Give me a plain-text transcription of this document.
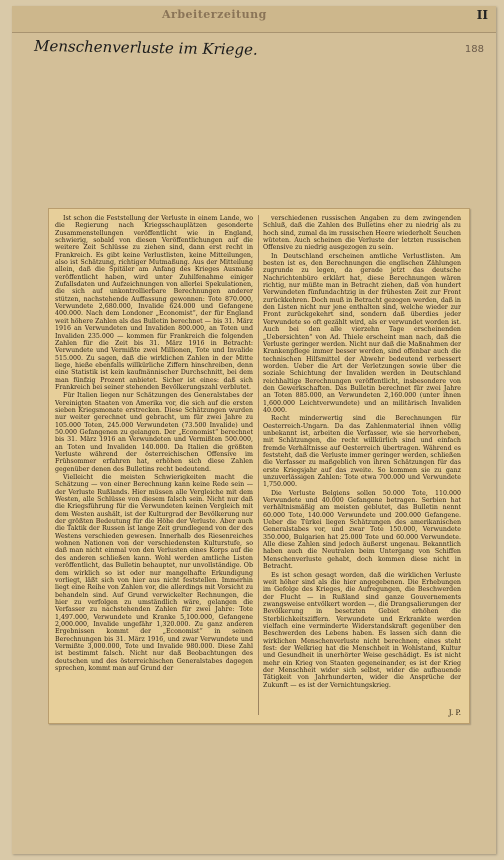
Arbeiterzeitung	II
188
Menschenverluste im Kriege.

Ist schon die Feststellung der Verluste in einem Lande, wo die Regierung nach Kriegsschauplätzen gesonderte Zusammenstellungen veröffentlicht wie in England, schwierig, sobald von diesen Veröffentlichungen auf die weitere Zeit Schlüsse zu ziehen sind, dann erst recht in Frankreich. Es gibt keine Verlustlisten, keine Mitteilungen, also ist Schätzung, richtiger Mutmaßung. Aus der Mitteilung allein, daß die Spitäler am Anfang des Krieges Ausmaße veröffentlicht haben, wird unter Zuhilfenahme einiger Zufallsdaten und Aufzeichnungen von allerlei Spekulationen, die sich auf unkontrollierbare Berechnungen anderer stützen, nachstehende Auffassung gewonnen: Tote 870.000, Verwundete 2,680.000, Invalide 624.000 und Gefangene 400.000. Nach dem Londoner „Economist“, der für England weit höhere Zahlen als das Bulletin berechnet — bis 31. März 1916 an Verwundeten und Invaliden 800.000, an Toten und Invaliden 235.000 — kommen für Frankreich die folgenden Zahlen für die Zeit bis 31. März 1916 in Betracht: Verwundete und Vermißte zwei Millionen, Tote und Invalide 515.000. Zu sagen, daß die wirklichen Zahlen in der Mitte liege, hieße ebenfalls willkürliche Ziffern hinschreiben, denn eine Statistik ist kein kaufmännischer Durchschnitt, bei dem man fünfzig Prozent anbietet. Sicher ist eines: daß sich Frankreich bei seiner stehenden Bevölkerungszahl verblutet.

Für Italien liegen nur Schätzungen des Generalstabes der Vereinigten Staaten von Amerika vor, die sich auf die ersten sieben Kriegsmonate erstrecken. Diese Schätzungen wurden nur weiter gerechnet und gebracht, um für zwei Jahre zu 105.000 Toten, 245.000 Verwundeten (73.500 Invalide) und 50.000 Gefangenen zu gelangen. Der „Economist“ berechnet bis 31. März 1916 an Verwundeten und Vermißten 500.000, an Toten und Invaliden 140.000. Da Italien die größten Verluste während der österreichischen Offensive im Frühsommer erfahren hat, erhöhen sich diese Zahlen gegenüber denen des Bulletins recht bedeutend.

Vielleicht die meisten Schwierigkeiten macht die Schätzung — von einer Berechnung kann keine Rede sein — der Verluste Rußlands. Hier müssen alle Vergleiche mit dem Westen, alle Schlüsse von diesem falsch sein. Nicht nur daß die Kriegsführung für die Verwundeten keinen Vergleich mit dem Westen aushält, ist der Kulturgrad der Bevölkerung nur der größten Bedeutung für die Höhe der Verluste. Aber auch die Taktik der Russen ist lange Zeit grundlegend von der des Westens verschieden gewesen. Innerhalb des Riesenreiches wohnen Nationen von der verschiedensten Kulturstufe, so daß man nicht einmal von den Verlusten eines Korps auf die des anderen schließen kann. Wohl werden amtliche Listen veröffentlicht, das Bulletin behauptet, nur unvollständige. Ob dem wirklich so ist oder nur mangelhafte Erkundigung vorliegt, läßt sich von hier aus nicht feststellen. Immerhin liegt eine Reihe von Zahlen vor, die allerdings mit Vorsicht zu behandeln sind. Auf Grund verwickelter Rechnungen, die hier zu verfolgen zu umständlich wäre, gelangen die Verfasser zu nachstehenden Zahlen für zwei Jahre: Tote 1,497.000, Verwundete und Kranke 5,100.000, Gefangene 2,000.000, Invalide ungefähr 1,320.000. Zu ganz anderen Ergebnissen kommt der „Economist“ in seinen Berechnungen bis 31. März 1916, und zwar Verwundete und Vermißte 3,000.000, Tote und Invalide 980.000. Diese Zahl ist bestimmt falsch. Nicht nur daß Beobachtungen des deutschen und des österreichischen Generalstabes dagegen sprechen, kommt man auf Grund der

verschiedenen russischen Angaben zu dem zwingenden Schluß, daß die Zahlen des Bulletins eher zu niedrig als zu hoch sind, zumal da im russischen Heere wiederholt Seuchen wüteten. Auch scheinen die Verluste der letzten russischen Offensive zu niedrig ausgezogen zu sein.

In Deutschland erscheinen amtliche Verlustlisten. Am besten ist es, den Berechnungen die englischen Zählungen zugrunde zu legen, da gerade jetzt das deutsche Nachrichtenbüro erklärt hat, diese Berechnungen wären richtig, nur müßte man in Betracht ziehen, daß von hundert Verwundeten fünfundachtzig in der frühesten Zeit zur Front zurückkehren. Doch muß in Betracht gezogen werden, daß in den Listen nicht nur jene enthalten sind, welche wieder zur Front zurückgekehrt sind, sondern daß überdies jeder Verwundete so oft gezählt wird, als er verwundet worden ist. Auch bei den alle vierzehn Tage erscheinenden „Uebersichten“ von Ad. Thiele erscheint man nach, daß die Verluste geringer werden. Nicht nur daß die Maßnahmen der Krankenpflege immer besser werden, sind offenbar auch die technischen Hilfsmittel der Abwehr bedeutend verbessert worden. Ueber die Art der Verletzungen sowie über die soziale Schichtung der Invaliden werden in Deutschland reichhaltige Berechnungen veröffentlicht, insbesondere von den Gewerkschaften. Das Bulletin berechnet für zwei Jahre an Toten 885.000, an Verwundeten 2,160.000 (unter ihnen 1,600.000 Leichtverwundete) und an militärisch Invaliden 40.000.

Recht minderwertig sind die Berechnungen für Oesterreich-Ungarn. Da das Zahlenmaterial ihnen völlig unbekannt ist, arbeiten die Verfasser, wie sie hervorheben, mit Schätzungen, die recht willkürlich sind und einfach fremde Verhältnisse auf Oesterreich übertragen. Während es feststeht, daß die Verluste immer geringer werden, schließen die Verfasser zu maßgeblich von ihren Schätzungen für das erste Kriegsjahr auf das zweite. So kommen sie zu ganz unzuverlässigen Zahlen: Tote etwa 700.000 und Verwundete 1,750.000.

Die Verluste Belgiens sollen 50.000 Tote, 110.000 Verwundete und 40.000 Gefangene betragen. Serbien hat verhältnismäßig am meisten geblutet, das Bulletin nennt 60.000 Tote, 140.000 Verwundete und 200.000 Gefangene. Ueber die Türkei liegen Schätzungen des amerikanischen Generalstabes vor, und zwar Tote 150.000, Verwundete 350.000, Bulgarien hat 25.000 Tote und 60.000 Verwundete. Alle diese Zahlen sind jedoch äußerst ungenau. Bekanntlich haben auch die Neutralen beim Untergang von Schiffen Menschenverluste gehabt, doch kommen diese nicht in Betracht.

Es ist schon gesagt worden, daß die wirklichen Verluste weit höher sind als die hier angegebenen. Die Erhebungen im Gefolge des Krieges, die Aufregungen, die Beschwerden der Flucht — in Rußland sind ganze Gouvernements zwangsweise entvölkert worden —, die Drangsalierungen der Bevölkerung in besetzten Gebiet erhöhen die Sterblichkeitsziffern. Verwundete und Erkrankte werden vielfach eine verminderte Widerstandskraft gegenüber den Beschwerden des Lebens haben. Es lassen sich dann die wirklichen Menschenverluste nicht berechnen; eines steht fest: der Welkrieg hat die Menschheit in Wohlstand, Kultur und Gesundheit in unerhörter Weise geschädigt. Es ist nicht mehr ein Krieg von Staaten gegeneinander, es ist der Krieg der Menschheit wider sich selbst, wider die aufbauende Tätigkeit von Jahrhunderten, wider die Ansprüche der Zukunft — es ist der Vernichtungskrieg.

J. P.
